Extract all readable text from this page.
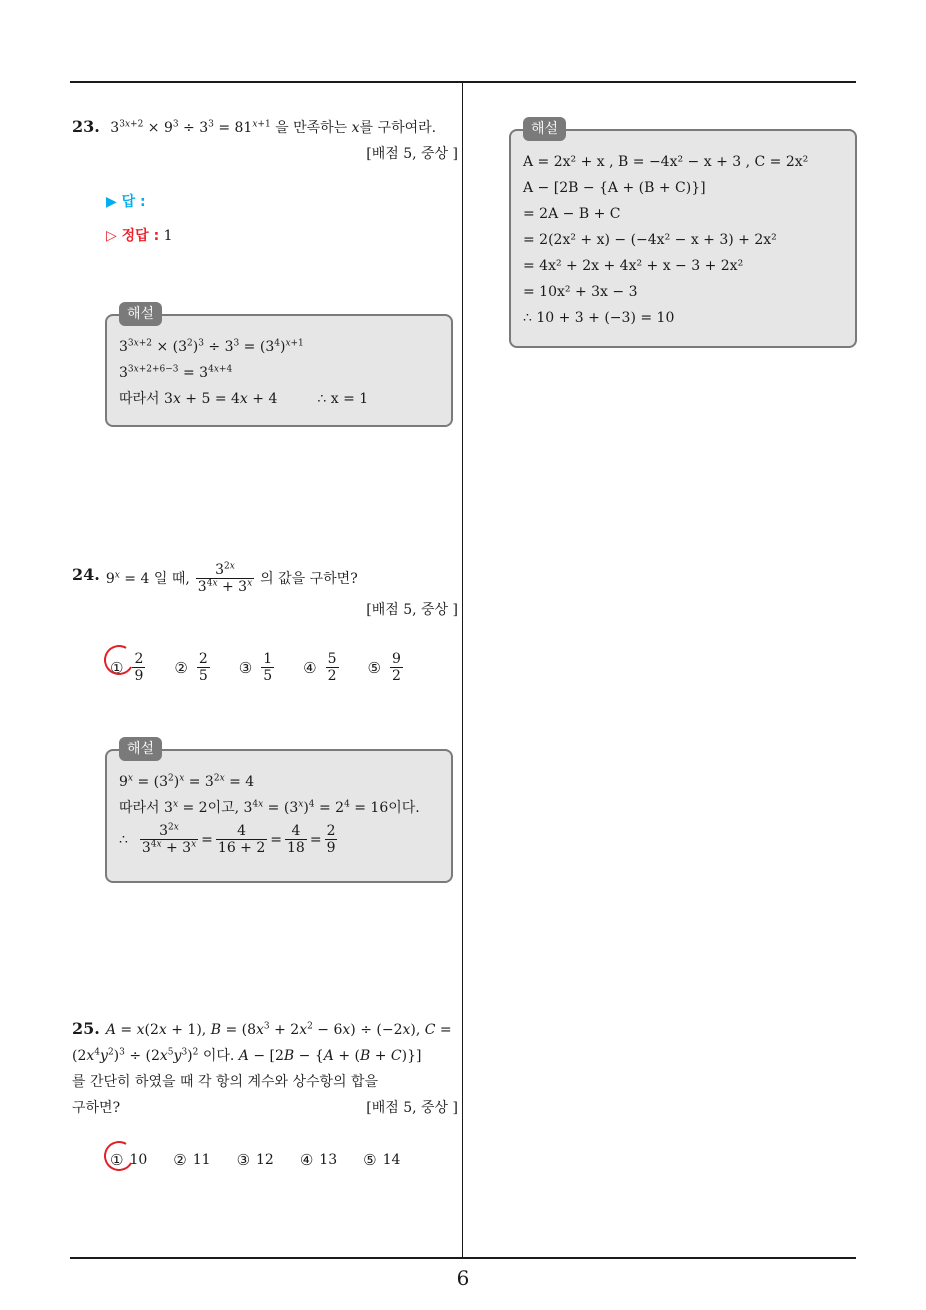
23. $3^{3x+2} \times 9^3 \div 3^3 = 81^{x+1}$ 을 만족하는 x를 구하여라.
[배점 5, 중상 ]
▶ 답 :
▷ 정답 : 1
해설
$3^{3x+2} \times (3^2)^3 \div 3^3 = (3^4)^{x+1}$
$3^{3x+2+6-3} = 3^{4x+4}$
따라서 3x + 5 = 4x + 4         ∴ x = 1
24. $9^x = 4$ 일 때, $\frac{3^{2x}}{3^{4x} + 3^x}$ 의 값을 구하면?
[배점 5, 중상 ]
① $\frac{2}{9}$ ② $\frac{2}{5}$ ③ $\frac{1}{5}$ ④ $\frac{5}{2}$ ⑤ $\frac{9}{2}$
해설
$9^x = (3^2)^x = 3^{2x} = 4$
따라서 $3^x = 2$이고, $3^{4x} = (3^x)^4 = 2^4 = 16$이다.
∴ $\frac{3^{2x}}{3^{4x} + 3^x} = \frac{4}{16 + 2} = \frac{4}{18} = \frac{2}{9}$
25. A = x(2x + 1), $B = (8x^3 + 2x^2 - 6x) \div (-2x)$, C =
$(2x^4y^2)^3 \div (2x^5y^3)^2$ 이다. A − [2B − {A + (B + C)}]
를 간단히 하였을 때 각 항의 계수와 상수항의 합을
구하면?	[배점 5, 중상 ]
① 10 ② 11 ③ 12 ④ 13 ⑤ 14
해설
A = 2x² + x , B = −4x² − x + 3 , C = 2x²
A − [2B − {A + (B + C)}]
= 2A − B + C
= 2(2x² + x) − (−4x² − x + 3) + 2x²
= 4x² + 2x + 4x² + x − 3 + 2x²
= 10x² + 3x − 3
∴ 10 + 3 + (−3) = 10
6
